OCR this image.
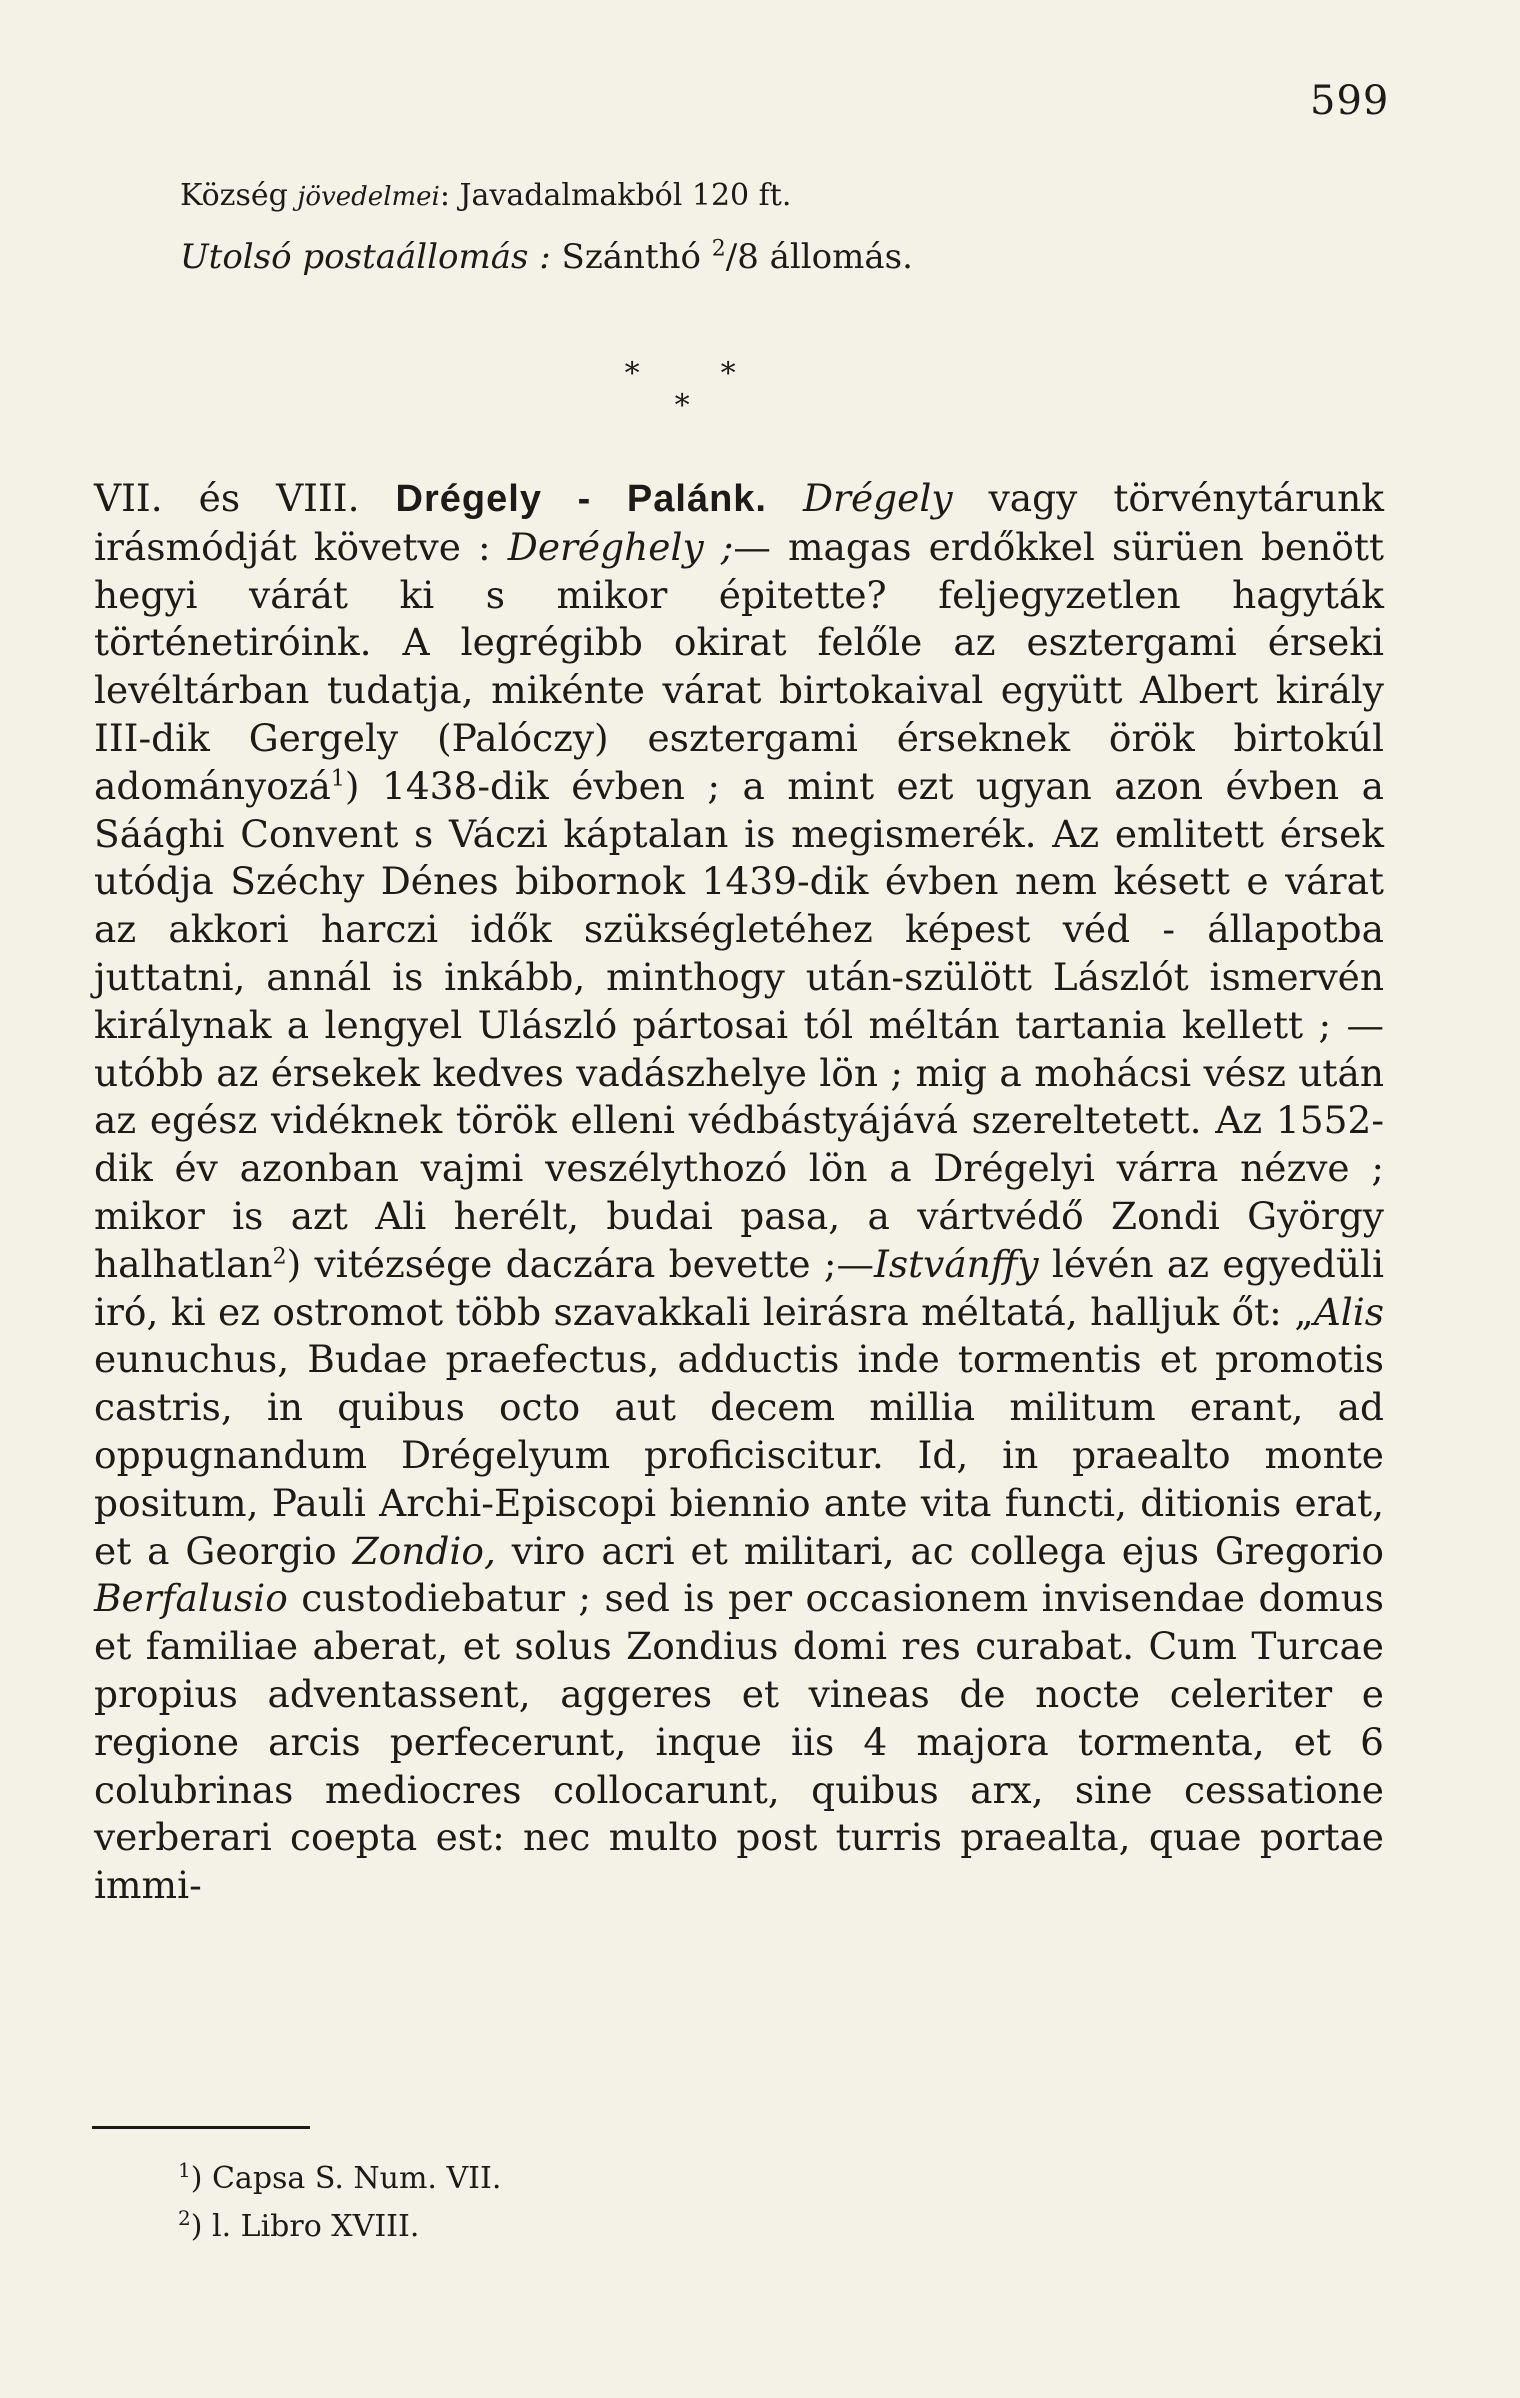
599
Község jövedelmei: Javadalmakból 120 ft.
Utolsó postaállomás : Szánthó $^2$/8 állomás.
∗	∗
∗

VII. és VIII. Drégely - Palánk. Drégely vagy törvénytárunk irásmódját követve : Deréghely ;— magas erdőkkel sürüen benött hegyi várát ki s mikor épitette? feljegyzetlen hagyták történetiróink. A legrégibb okirat felőle az esztergami érseki levéltárban tudatja, mikénte várat birtokaival együtt Albert király III-dik Gergely (Palóczy) esztergami érseknek örök birtokúl adományozá$^1$) 1438-dik évben ; a mint ezt ugyan azon évben a Sáághi Convent s Váczi káptalan is megismerék. Az emlitett érsek utódja Széchy Dénes bibornok 1439-dik évben nem késett e várat az akkori harczi idők szükségletéhez képest véd - állapotba juttatni, annál is inkább, minthogy után-szülött Lászlót ismervén királynak a lengyel Ulászló pártosai tól méltán tartania kellett ; — utóbb az érsekek kedves vadászhelye lön ; mig a mohácsi vész után az egész vidéknek török elleni védbástyájává szereltetett. Az 1552-dik év azonban vajmi veszélythozó lön a Drégelyi várra nézve ; mikor is azt Ali herélt, budai pasa, a vártvédő Zondi György halhatlan$^2$) vitézsége daczára bevette ;—Istvánffy lévén az egyedüli iró, ki ez ostromot több szavakkali leirásra méltatá, halljuk őt: „Alis eunuchus, Budae praefectus, adductis inde tormentis et promotis castris, in quibus octo aut decem millia militum erant, ad oppugnandum Drégelyum proficiscitur. Id, in praealto monte positum, Pauli Archi-Episcopi biennio ante vita functi, ditionis erat, et a Georgio Zondio, viro acri et militari, ac collega ejus Gregorio Berfalusio custodiebatur ; sed is per occasionem invisendae domus et familiae aberat, et solus Zondius domi res curabat. Cum Turcae propius adventassent, aggeres et vineas de nocte celeriter e regione arcis perfecerunt, inque iis 4 majora tormenta, et 6 colubrinas mediocres collocarunt, quibus arx, sine cessatione verberari coepta est: nec multo post turris praealta, quae portae immi-

$^1$) Capsa S. Num. VII.
$^2$) l. Libro XVIII.
